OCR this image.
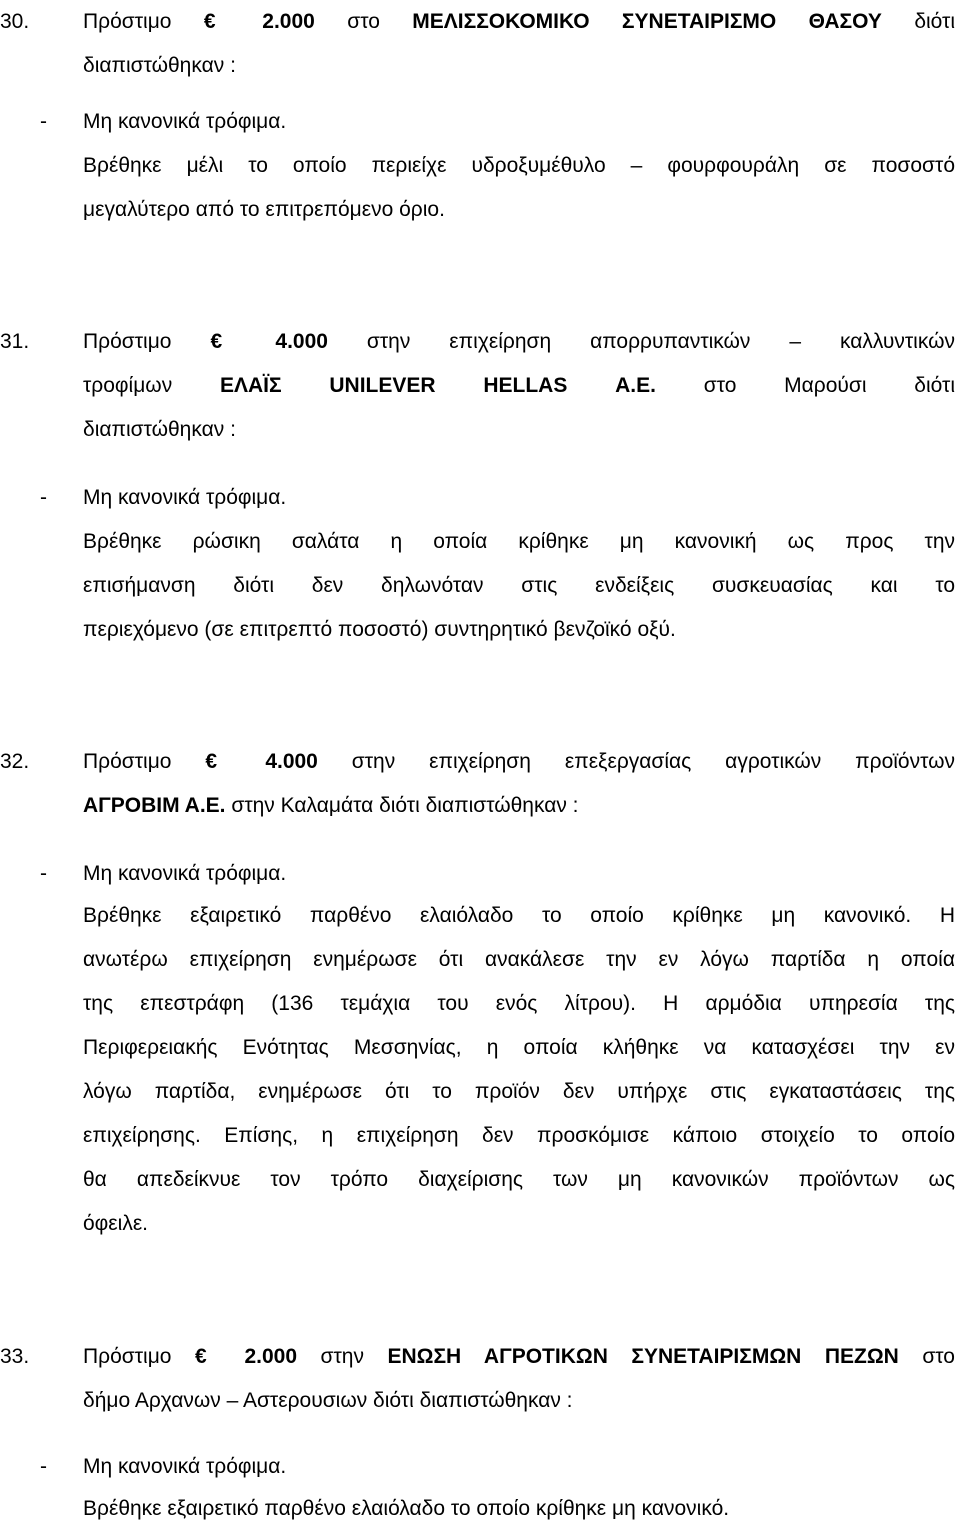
30.	Πρόστιμο € 2.000 στο ΜΕΛΙΣΣΟΚΟΜΙΚΟ ΣΥΝΕΤΑΙΡΙΣΜΟ ΘΑΣΟΥ διότι
διαπιστώθηκαν :
- Μη κανονικά τρόφιμα.
Βρέθηκε μέλι το οποίο περιείχε υδροξυμέθυλο – φουρφουράλη σε ποσοστό
μεγαλύτερο από το επιτρεπόμενο όριο.
31.	Πρόστιμο €	4.000 στην επιχείρηση απορρυπαντικών – καλλυντικών
τροφίμων ΕΛΑΪΣ UNILEVER HELLAS Α.Ε. στο Μαρούσι διότι
διαπιστώθηκαν :
- Μη κανονικά τρόφιμα.
Βρέθηκε ρώσικη σαλάτα η οποία κρίθηκε μη κανονική ως προς την
επισήμανση διότι δεν δηλωνόταν στις ενδείξεις συσκευασίας και το
περιεχόμενο (σε επιτρεπτό ποσοστό) συντηρητικό βενζοϊκό οξύ.
32.	Πρόστιμο € 4.000 στην επιχείρηση επεξεργασίας αγροτικών προϊόντων
ΑΓΡΟΒΙΜ Α.Ε. στην Καλαμάτα διότι διαπιστώθηκαν :
- Μη κανονικά τρόφιμα.
Βρέθηκε εξαιρετικό παρθένο ελαιόλαδο το οποίο κρίθηκε μη κανονικό. Η
ανωτέρω επιχείρηση ενημέρωσε ότι ανακάλεσε την εν λόγω παρτίδα η οποία
της επεστράφη (136 τεμάχια του ενός λίτρου). Η αρμόδια υπηρεσία της
Περιφερειακής Ενότητας Μεσσηνίας, η οποία κλήθηκε να κατασχέσει την εν
λόγω παρτίδα, ενημέρωσε ότι το προϊόν δεν υπήρχε στις εγκαταστάσεις της
επιχείρησης. Επίσης, η επιχείρηση δεν προσκόμισε κάποιο στοιχείο το οποίο
θα απεδείκνυε τον τρόπο διαχείρισης των μη κανονικών προϊόντων ως
όφειλε.
33.	Πρόστιμο € 2.000 στην ΕΝΩΣΗ ΑΓΡΟΤΙΚΩΝ ΣΥΝΕΤΑΙΡΙΣΜΩΝ ΠΕΖΩΝ στο
δήμο Αρχανων – Αστερουσιων διότι διαπιστώθηκαν :
- Μη κανονικά τρόφιμα.
Βρέθηκε εξαιρετικό παρθένο ελαιόλαδο το οποίο κρίθηκε μη κανονικό.
